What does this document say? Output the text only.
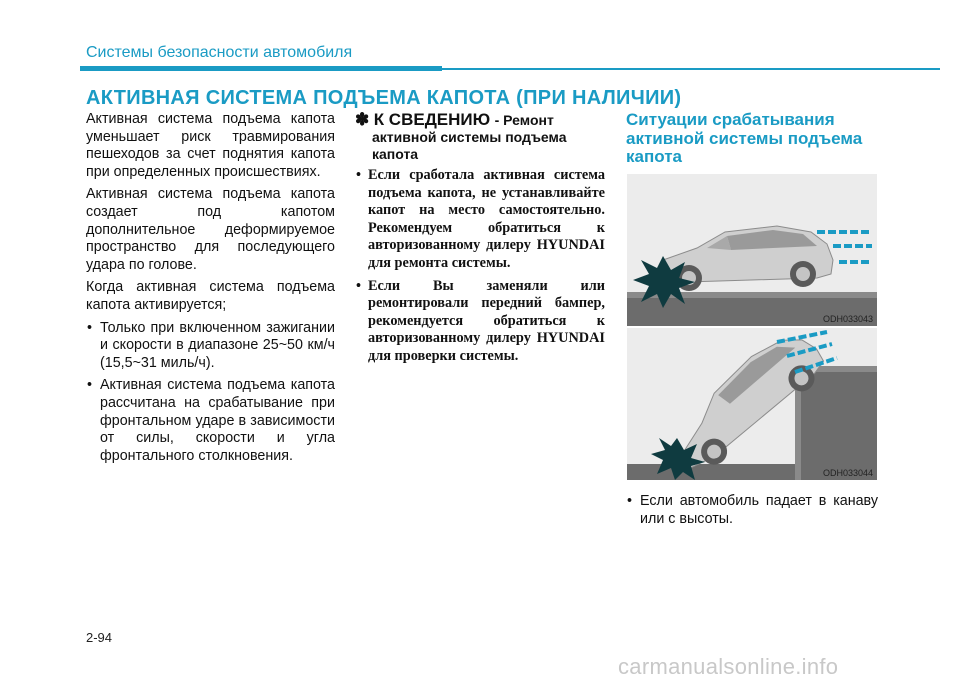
Системы безопасности автомобиля
АКТИВНАЯ СИСТЕМА ПОДЪЕМА КАПОТА (ПРИ НАЛИЧИИ)

Активная система подъема капота уменьшает риск травмирования пешеходов за счет поднятия капота при определенных происшествиях.

Активная система подъема капота создает под капотом дополнительное деформируемое пространство для последующего удара по голове.

Когда активная система подъема капота активируется;

• Только при включенном зажигании и скорости в диапазоне 25~50 км/ч (15,5~31 миль/ч).
• Активная система подъема капота рассчитана на срабатывание при фронтальном ударе в зависимости от силы, скорости и угла фронтального столкновения.
✽ К СВЕДЕНИЮ - Ремонт
активной системы подъема капота
• Если сработала активная система подъема капота, не устанавливайте капот на место самостоятельно. Рекомендуем обратиться к авторизованному дилеру HYUNDAI для ремонта системы.
• Если Вы заменяли или ремонтировали передний бампер, рекомендуется обратиться к авторизованному дилеру HYUNDAI для проверки системы.
Ситуации срабатывания активной системы подъема капота
ODH033043
ODH033044
• Если автомобиль падает в канаву или с высоты.
2-94
carmanualsonline.info
